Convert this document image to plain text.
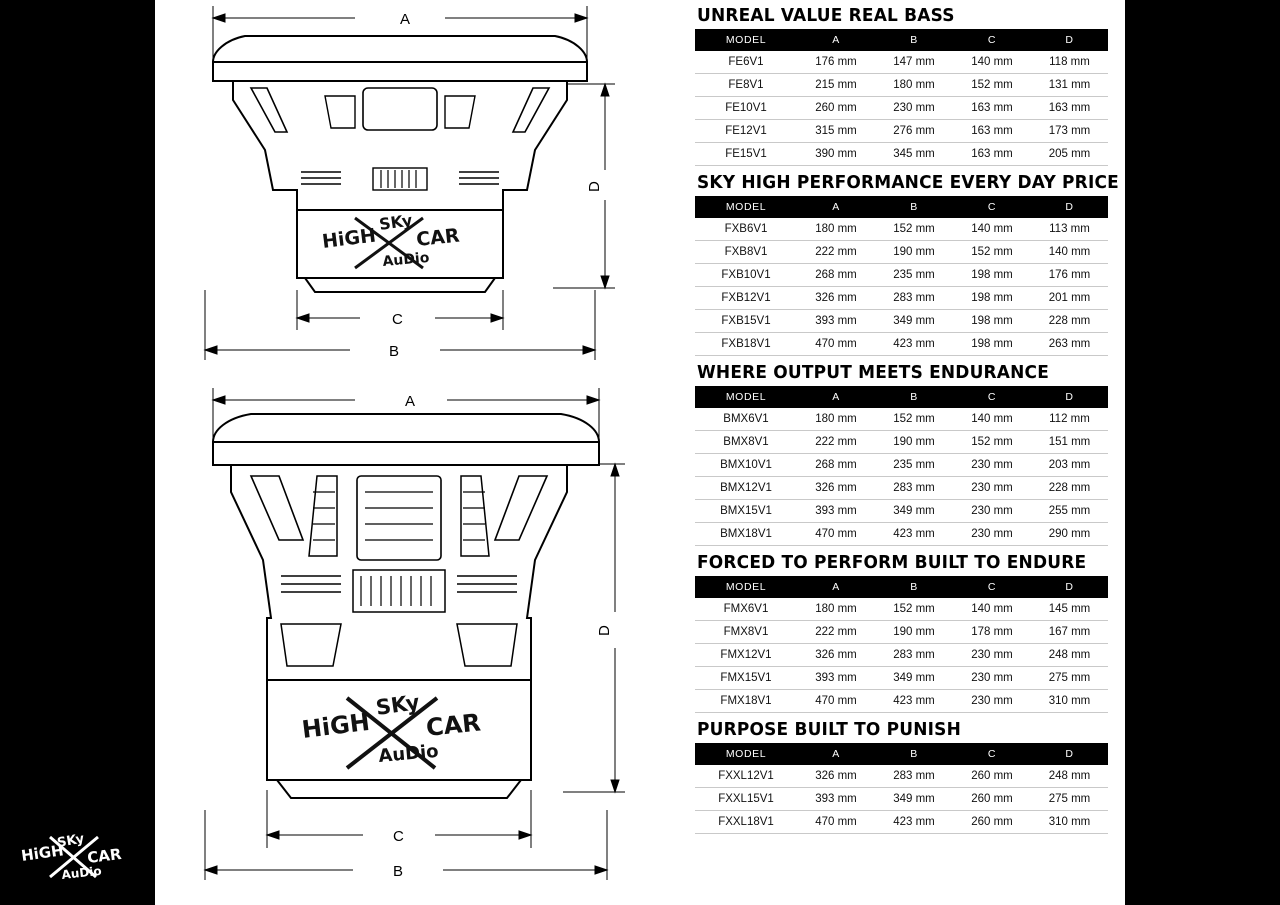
HiGH
SKy
CAR
AuDio
A
B
C
D
HiGH
SKy
CAR
AuDio
A
B
C
D
UNREAL VALUE REAL BASS
MODEL	A	B	C	D
FE6V1	176 mm	147 mm	140 mm	118 mm
FE8V1	215 mm	180 mm	152 mm	131 mm
FE10V1	260 mm	230 mm	163 mm	163 mm
FE12V1	315 mm	276 mm	163 mm	173 mm
FE15V1	390 mm	345 mm	163 mm	205 mm
SKY HIGH PERFORMANCE EVERY DAY PRICE
MODEL	A	B	C	D
FXB6V1	180 mm	152 mm	140 mm	113 mm
FXB8V1	222 mm	190 mm	152 mm	140 mm
FXB10V1	268 mm	235 mm	198 mm	176 mm
FXB12V1	326 mm	283 mm	198 mm	201 mm
FXB15V1	393 mm	349 mm	198 mm	228 mm
FXB18V1	470 mm	423 mm	198 mm	263 mm
WHERE OUTPUT MEETS ENDURANCE
MODEL	A	B	C	D
BMX6V1	180 mm	152 mm	140 mm	112 mm
BMX8V1	222 mm	190 mm	152 mm	151 mm
BMX10V1	268 mm	235 mm	230 mm	203 mm
BMX12V1	326 mm	283 mm	230 mm	228 mm
BMX15V1	393 mm	349 mm	230 mm	255 mm
BMX18V1	470 mm	423 mm	230 mm	290 mm
FORCED TO PERFORM BUILT TO ENDURE
MODEL	A	B	C	D
FMX6V1	180 mm	152 mm	140 mm	145 mm
FMX8V1	222 mm	190 mm	178 mm	167 mm
FMX12V1	326 mm	283 mm	230 mm	248 mm
FMX15V1	393 mm	349 mm	230 mm	275 mm
FMX18V1	470 mm	423 mm	230 mm	310 mm
PURPOSE BUILT TO PUNISH
MODEL	A	B	C	D
FXXL12V1	326 mm	283 mm	260 mm	248 mm
FXXL15V1	393 mm	349 mm	260 mm	275 mm
FXXL18V1	470 mm	423 mm	260 mm	310 mm
HiGH
SKy
CAR
AuDio
